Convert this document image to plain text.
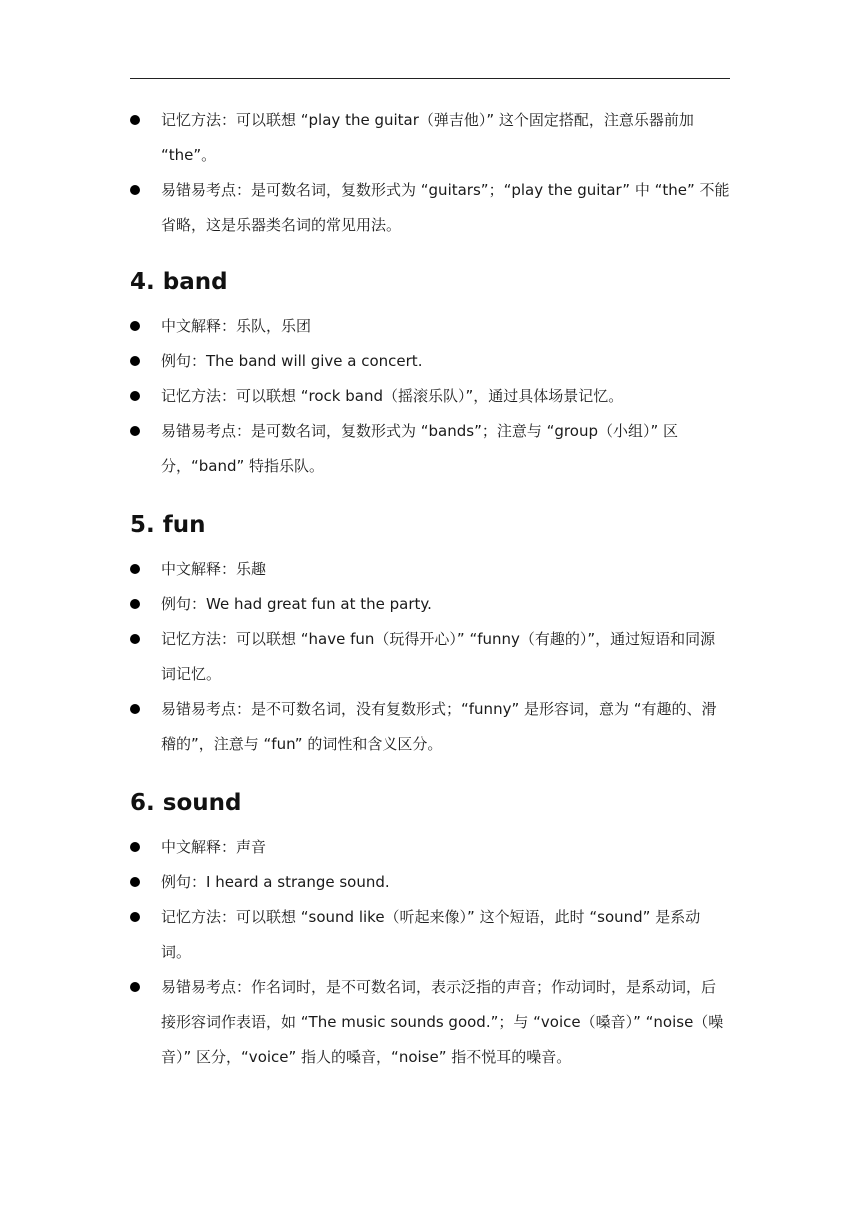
记忆方法：可以联想 “play the guitar（弹吉他）” 这个固定搭配，注意乐器前加 “the”。
易错易考点：是可数名词，复数形式为 “guitars”；“play the guitar” 中 “the” 不能省略，这是乐器类名词的常见用法。
4. band
中文解释：乐队，乐团
例句：The band will give a concert.
记忆方法：可以联想 “rock band（摇滚乐队）”，通过具体场景记忆。
易错易考点：是可数名词，复数形式为 “bands”；注意与 “group（小组）” 区分，“band” 特指乐队。
5. fun
中文解释：乐趣
例句：We had great fun at the party.
记忆方法：可以联想 “have fun（玩得开心）” “funny（有趣的）”，通过短语和同源词记忆。
易错易考点：是不可数名词，没有复数形式；“funny” 是形容词，意为 “有趣的、滑稽的”，注意与 “fun” 的词性和含义区分。
6. sound
中文解释：声音
例句：I heard a strange sound.
记忆方法：可以联想 “sound like（听起来像）” 这个短语，此时 “sound” 是系动词。
易错易考点：作名词时，是不可数名词，表示泛指的声音；作动词时，是系动词，后接形容词作表语，如 “The music sounds good.”；与 “voice（嗓音）” “noise（噪音）” 区分，“voice” 指人的嗓音，“noise” 指不悦耳的噪音。
